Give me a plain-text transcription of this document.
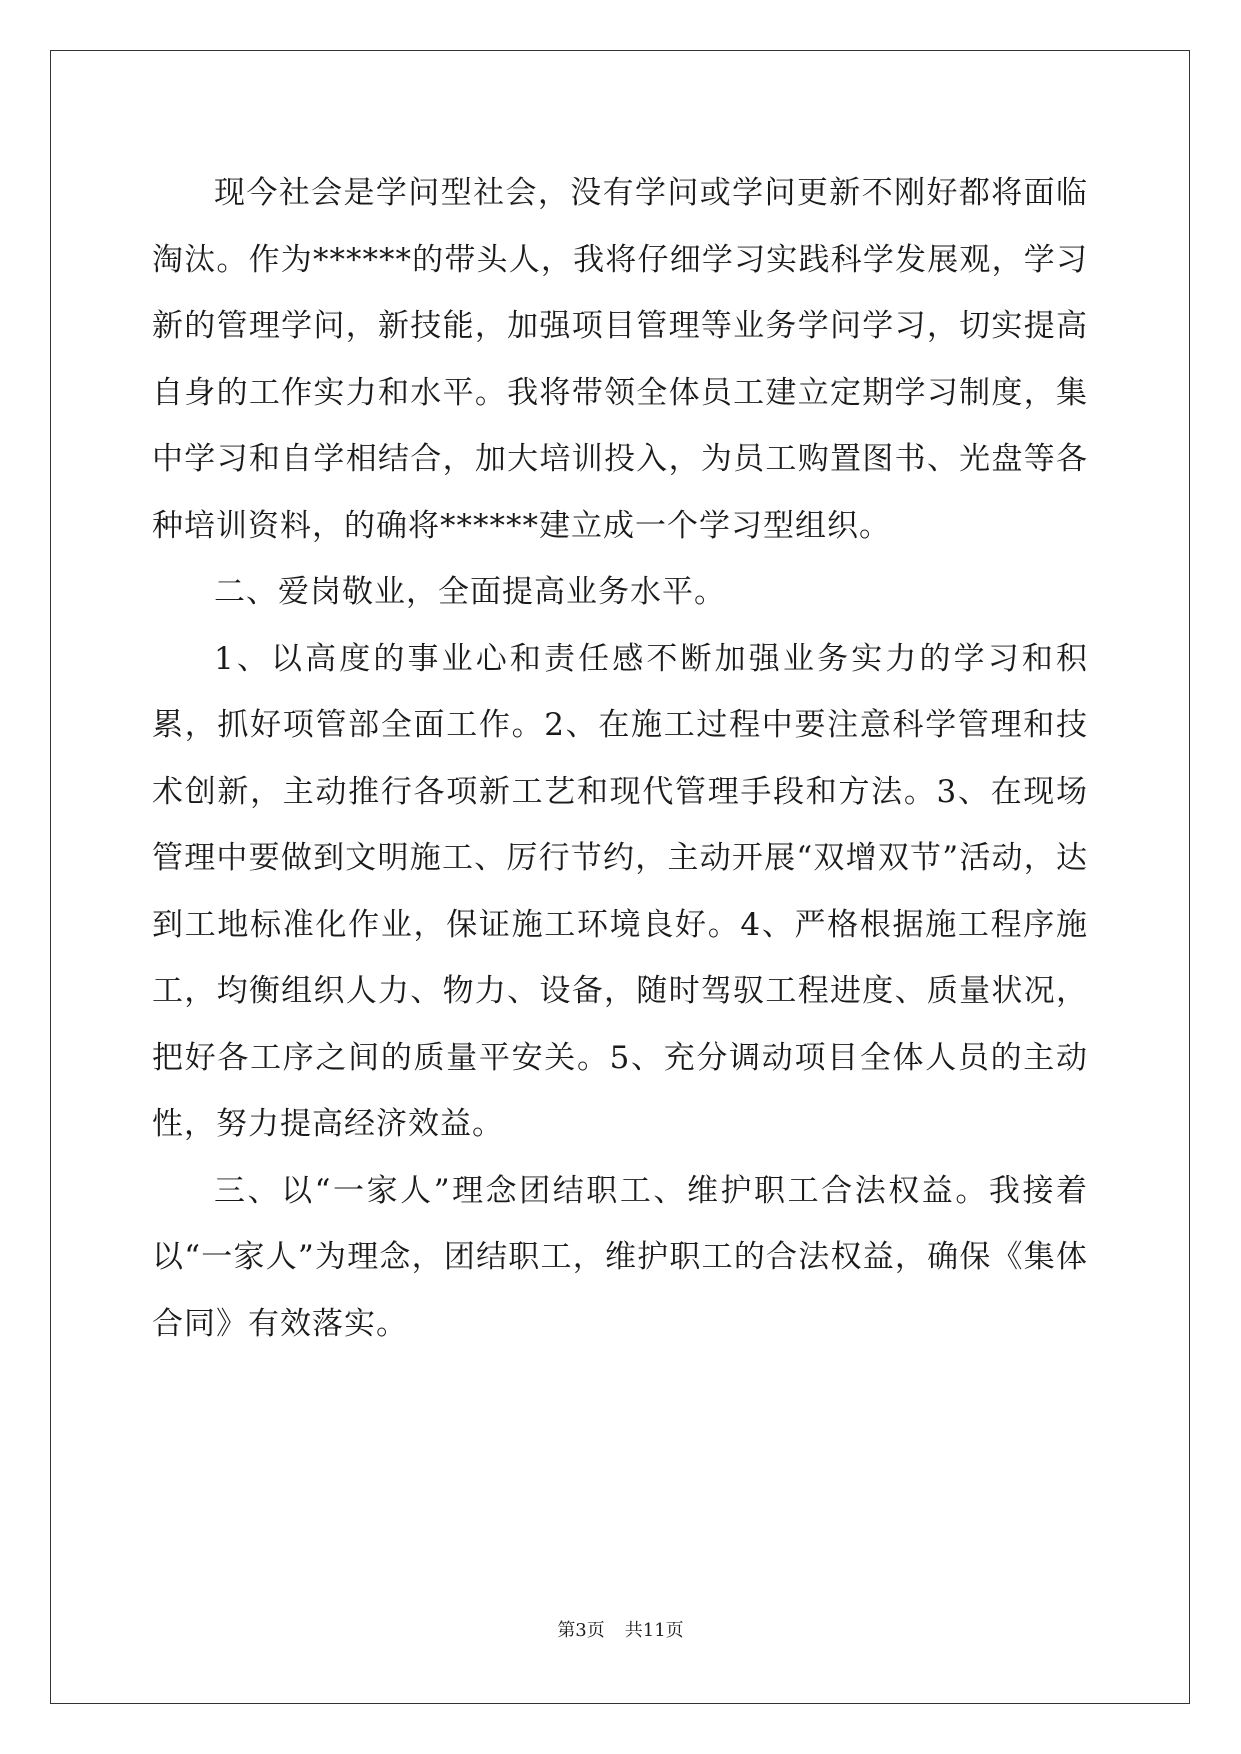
现今社会是学问型社会，没有学问或学问更新不刚好都将面临淘汰。作为******的带头人，我将仔细学习实践科学发展观，学习新的管理学问，新技能，加强项目管理等业务学问学习，切实提高自身的工作实力和水平。我将带领全体员工建立定期学习制度，集中学习和自学相结合，加大培训投入，为员工购置图书、光盘等各种培训资料，的确将******建立成一个学习型组织。

二、爱岗敬业，全面提高业务水平。

1、以高度的事业心和责任感不断加强业务实力的学习和积累，抓好项管部全面工作。2、在施工过程中要注意科学管理和技术创新，主动推行各项新工艺和现代管理手段和方法。3、在现场管理中要做到文明施工、厉行节约，主动开展“双增双节”活动，达到工地标准化作业，保证施工环境良好。4、严格根据施工程序施工，均衡组织人力、物力、设备，随时驾驭工程进度、质量状况，把好各工序之间的质量平安关。5、充分调动项目全体人员的主动性，努力提高经济效益。

三、以“一家人”理念团结职工、维护职工合法权益。我接着以“一家人”为理念，团结职工，维护职工的合法权益，确保《集体合同》有效落实。

第3页 共11页
